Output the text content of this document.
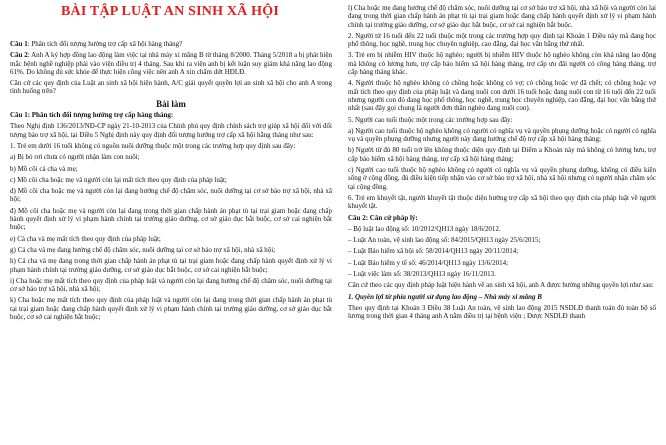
BÀI TẬP LUẬT AN SINH XÃ HỘI

Câu 1: Phân tích đối tượng hưởng trợ cấp xã hội hàng tháng?

Câu 2: Anh A ký hợp đồng lao động làm việc tại nhà máy xi măng B từ tháng 8/2000. Tháng 5/2018 a bị phát hiện mắc bệnh nghề nghiệp phải vào viện điều trị 4 tháng. Sau khi ra viện anh bị kết luận suy giảm khả năng lao động 61%. Do không đủ sức khỏe để thực hiện công việc nên anh A xin chấm dứt HĐLĐ.

Căn cứ các quy định của Luật an sinh xã hội hiện hành, A/C giải quyết quyền lợi an sinh xã hội cho anh A trong tình huống trên?

Bài làm

Câu 1: Phân tích đối tượng hưởng trợ cấp hàng tháng:

Theo Nghị định 136/2013/NĐ-CP ngày 21-10-2013 của Chính phủ quy định chính sách trợ giúp xã hội đối với đối tượng bảo trợ xã hội, tại Điều 5 Nghị định này quy định đối tượng hưởng trợ cấp xã hội hằng tháng như sau:

1. Trẻ em dưới 16 tuổi không có nguồn nuôi dưỡng thuộc một trong các trường hợp quy định sau đây:

a) Bị bỏ rơi chưa có người nhận làm con nuôi;

b) Mồ côi cả cha và mẹ;

c) Mồ côi cha hoặc mẹ và người còn lại mất tích theo quy định của pháp luật;

d) Mồ côi cha hoặc mẹ và người còn lại đang hưởng chế độ chăm sóc, nuôi dưỡng tại cơ sở bảo trợ xã hội, nhà xã hội;

đ) Mồ côi cha hoặc mẹ và người còn lại đang trong thời gian chấp hành án phạt tù tại trại giam hoặc đang chấp hành quyết định xử lý vi phạm hành chính tại trường giáo dưỡng, cơ sở giáo dục bắt buộc, cơ sở cai nghiện bắt buộc;

e) Cả cha và mẹ mất tích theo quy định của pháp luật;

g) Cả cha và mẹ đang hưởng chế độ chăm sóc, nuôi dưỡng tại cơ sở bảo trợ xã hội, nhà xã hội;

h) Cả cha và mẹ đang trong thời gian chấp hành án phạt tù tại trại giam hoặc đang chấp hành quyết định xử lý vi phạm hành chính tại trường giáo dưỡng, cơ sở giáo dục bắt buộc, cơ sở cai nghiện bắt buộc;

i) Cha hoặc mẹ mất tích theo quy định của pháp luật và người còn lại đang hưởng chế độ chăm sóc, nuôi dưỡng tại cơ sở bảo trợ xã hội, nhà xã hội;

k) Cha hoặc mẹ mất tích theo quy định của pháp luật và người còn lại đang trong thời gian chấp hành án phạt tù tại trại giam hoặc đang chấp hành quyết định xử lý vi phạm hành chính tại trường giáo dưỡng, cơ sở giáo dục bắt buộc, cơ sở cai nghiện bắt buộc;

l) Cha hoặc mẹ đang hưởng chế độ chăm sóc, nuôi dưỡng tại cơ sở bảo trợ xã hội, nhà xã hội và người còn lại đang trong thời gian chấp hành án phạt tù tại trại giam hoặc đang chấp hành quyết định xử lý vi phạm hành chính tại trường giáo dưỡng, cơ sở giáo dục bắt buộc, cơ sở cai nghiện bắt buộc.

2. Người từ 16 tuổi đến 22 tuổi thuộc một trong các trường hợp quy định tại Khoản 1 Điều này mà đang học phổ thông, học nghề, trung học chuyên nghiệp, cao đẳng, đại học văn bằng thứ nhất.

3. Trẻ em bị nhiễm HIV thuộc hộ nghèo; người bị nhiễm HIV thuộc hộ nghèo không còn khả năng lao động mà không có lương hưu, trợ cấp bảo hiểm xã hội hàng tháng, trợ cấp ưu đãi người có công hàng tháng, trợ cấp hàng tháng khác.

4. Người thuộc hộ nghèo không có chồng hoặc không có vợ; có chồng hoặc vợ đã chết; có chồng hoặc vợ mất tích theo quy định của pháp luật và đang nuôi con dưới 16 tuổi hoặc đang nuôi con từ 16 tuổi đến 22 tuổi nhưng người con đó đang học phổ thông, học nghề, trung học chuyên nghiệp, cao đẳng, đại học văn bằng thứ nhất (sau đây gọi chung là người đơn thân nghèo đang nuôi con).

5. Người cao tuổi thuộc một trong các trường hợp sau đây:

a) Người cao tuổi thuộc hộ nghèo không có người có nghĩa vụ và quyền phụng dưỡng hoặc có người có nghĩa vụ và quyền phụng dưỡng nhưng người này đang hưởng chế độ trợ cấp xã hội hàng tháng;

b) Người từ đủ 80 tuổi trở lên không thuộc diện quy định tại Điểm a Khoản này mà không có lương hưu, trợ cấp bảo hiểm xã hội hàng tháng, trợ cấp xã hội hàng tháng;

c) Người cao tuổi thuộc hộ nghèo không có người có nghĩa vụ và quyền phụng dưỡng, không có điều kiện sống ở cộng đồng, đủ điều kiện tiếp nhận vào cơ sở bảo trợ xã hội, nhà xã hội nhưng có người nhận chăm sóc tại cộng đồng.

6. Trẻ em khuyết tật, người khuyết tật thuộc diện hưởng trợ cấp xã hội theo quy định của pháp luật về người khuyết tật.

Câu 2: Căn cứ pháp lý:

– Bộ luật lao động số: 10/2012/QH13 ngày 18/6/2012.

– Luật An toàn, vệ sinh lao động số: 84/2015/QH13 ngày 25/6/2015;

– Luật Bảo hiểm xã hội số: 58/2014/QH13 ngày 20/11/2014;

– Luật Bảo hiểm y tế số: 46/2014/QH13 ngày 13/6/2014;

– Luật việc làm số: 38/2013/QH13 ngày 16/11/2013.

Căn cứ theo các quy định pháp luật hiện hành về an sinh xã hội, anh A được hưởng những quyền lợi như sau:

1. Quyền lợi từ phía người sử dụng lao động – Nhà máy xi măng B

Theo quy định tại Khoản 3 Điều 38 Luật An toàn, vệ sinh lao động 2015 NSDLĐ thanh toán đủ toàn bộ số lương trong thời gian 4 tháng anh A nằm điều trị tại bệnh viện ; Được NSDLĐ thanh
